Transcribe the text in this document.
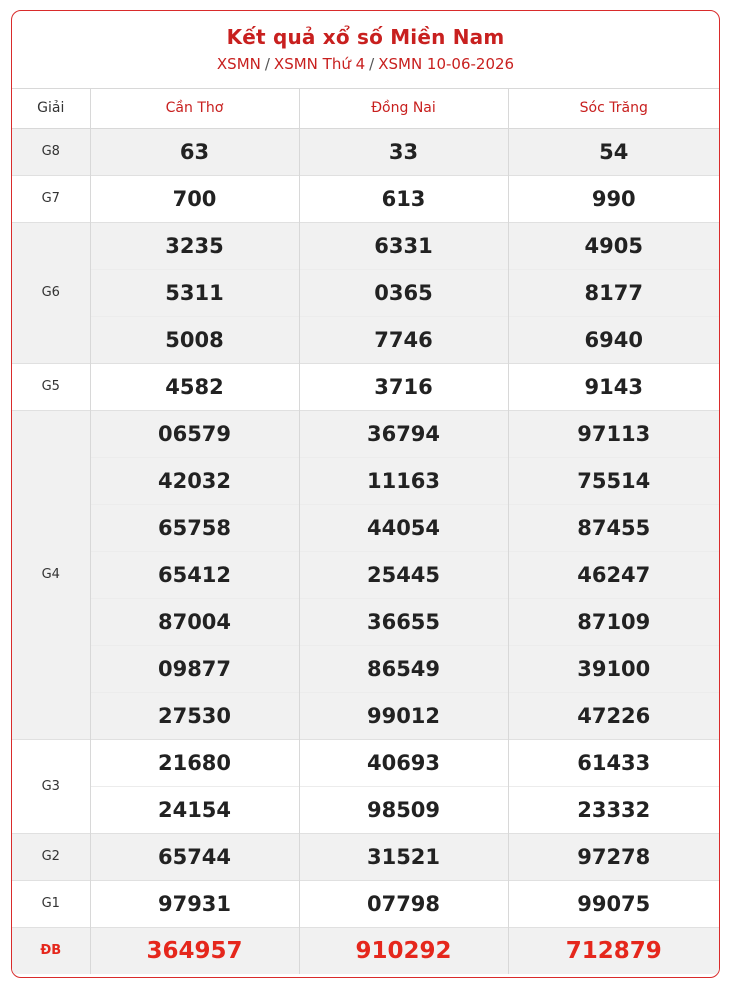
Kết quả xổ số Miền Nam
XSMN / XSMN Thứ 4 / XSMN 10-06-2026
Giải	Cần Thơ	Đồng Nai	Sóc Trăng
G8	63	33	54
G7	700	613	990
G6	3235	6331	4905
	5311	0365	8177
	5008	7746	6940
G5	4582	3716	9143
G4	06579	36794	97113
	42032	11163	75514
	65758	44054	87455
	65412	25445	46247
	87004	36655	87109
	09877	86549	39100
	27530	99012	47226
G3	21680	40693	61433
	24154	98509	23332
G2	65744	31521	97278
G1	97931	07798	99075
ĐB	364957	910292	712879
